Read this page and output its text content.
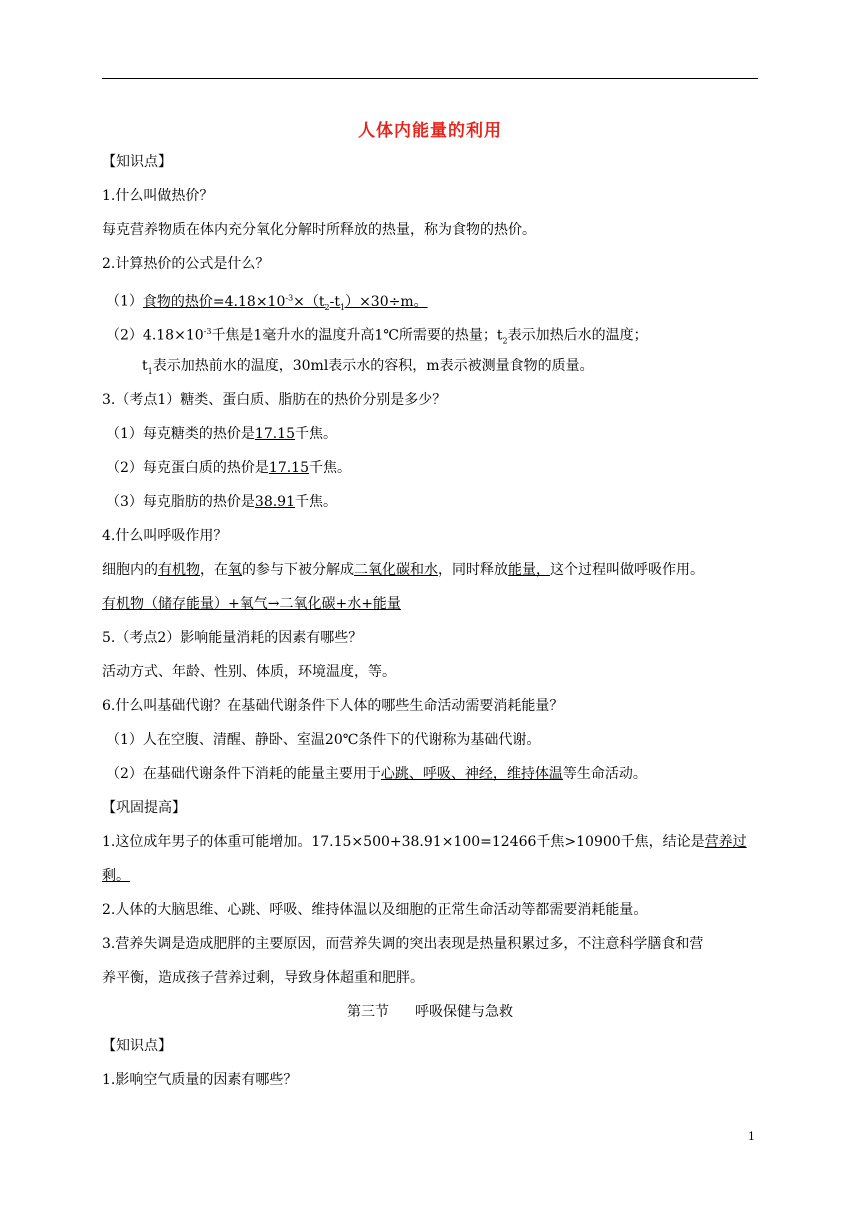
人体内能量的利用
【知识点】
1.什么叫做热价？
每克营养物质在体内充分氧化分解时所释放的热量，称为食物的热价。
2.计算热价的公式是什么？
（1）食物的热价$=4.18\times 10^{-3}\times(t_2-t_1)\times 30\div m$。
$(2)4.18\times 10^{-3}$千焦是1毫升水的温度升高1℃所需要的热量；$t_2$表示加热后水的温度；
$t_1$表示加热前水的温度，30ml表示水的容积，m表示被测量食物的质量。
3.（考点1）糖类、蛋白质、脂肪在的热价分别是多少？
（1）每克糖类的热价是17.15千焦。
（2）每克蛋白质的热价是17.15千焦。
（3）每克脂肪的热价是38.91千焦。
4.什么叫呼吸作用？
细胞内的有机物，在氧的参与下被分解成二氧化碳和水，同时释放能量，这个过程叫做呼吸作用。
有机物（储存能量）+氧气→二氧化碳+水+能量
5.（考点2）影响能量消耗的因素有哪些？
活动方式、年龄、性别、体质，环境温度，等。
6.什么叫基础代谢？在基础代谢条件下人体的哪些生命活动需要消耗能量？
（1）人在空腹、清醒、静卧、室温20℃条件下的代谢称为基础代谢。
（2）在基础代谢条件下消耗的能量主要用于心跳、呼吸、神经，维持体温等生命活动。
【巩固提高】
1.这位成年男子的体重可能增加。17.15×500+38.91×100=12466千焦>10900千焦，结论是营养过
剩。
2.人体的大脑思维、心跳、呼吸、维持体温以及细胞的正常生命活动等都需要消耗能量。
3.营养失调是造成肥胖的主要原因，而营养失调的突出表现是热量积累过多，不注意科学膳食和营
养平衡，造成孩子营养过剩，导致身体超重和肥胖。
第三节 呼吸保健与急救
【知识点】
1.影响空气质量的因素有哪些？
1
